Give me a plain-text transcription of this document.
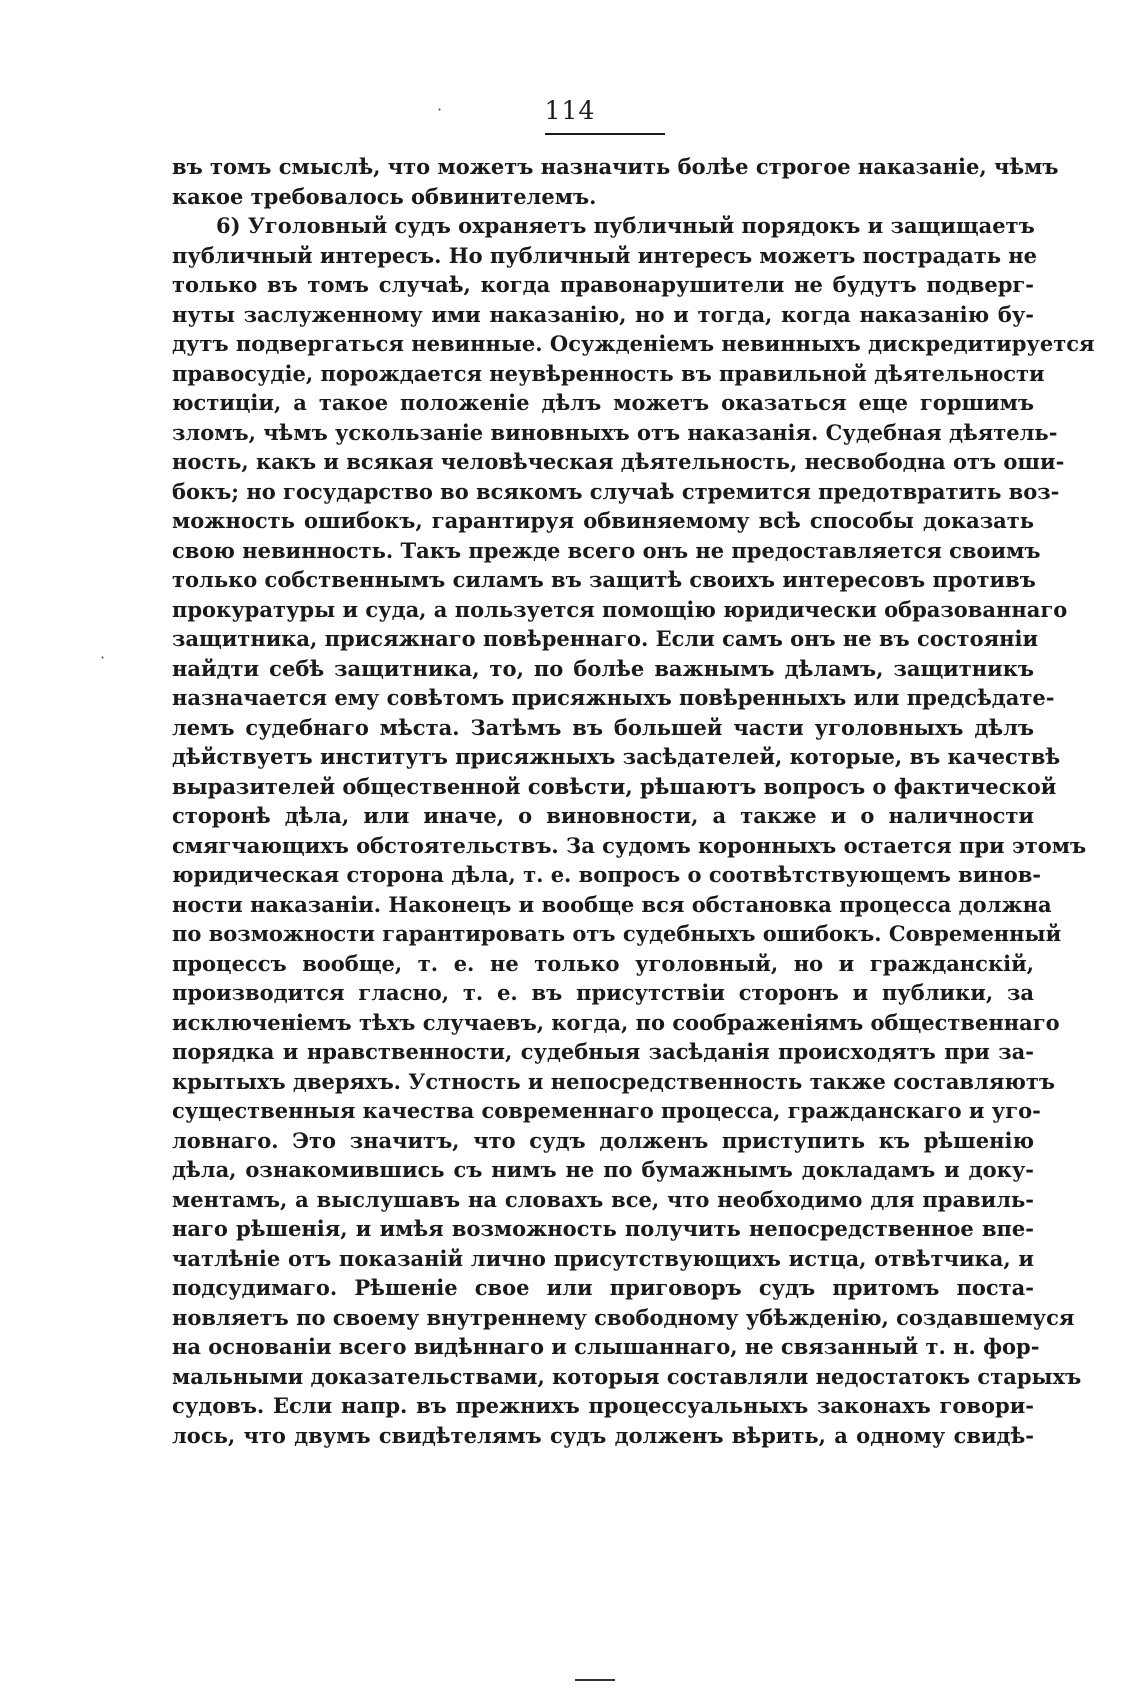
114
въ томъ смыслѣ, что можетъ назначить болѣе строгое наказаніе, чѣмъ
какое требовалось обвинителемъ.
6) Уголовный судъ охраняетъ публичный порядокъ и защищаетъ
публичный интересъ. Но публичный интересъ можетъ пострадать не
только въ томъ случаѣ, когда правонарушители не будутъ подверг-
нуты заслуженному ими наказанію, но и тогда, когда наказанію бу-
дутъ подвергаться невинные. Осужденіемъ невинныхъ дискредитируется
правосудіе, порождается неувѣренность въ правильной дѣятельности
юстиціи, а такое положеніе дѣлъ можетъ оказаться еще горшимъ
зломъ, чѣмъ ускользаніе виновныхъ отъ наказанія. Судебная дѣятель-
ность, какъ и всякая человѣческая дѣятельность, несвободна отъ оши-
бокъ; но государство во всякомъ случаѣ стремится предотвратить воз-
можность ошибокъ, гарантируя обвиняемому всѣ способы доказать
свою невинность. Такъ прежде всего онъ не предоставляется своимъ
только собственнымъ силамъ въ защитѣ своихъ интересовъ противъ
прокуратуры и суда, а пользуется помощію юридически образованнаго
защитника, присяжнаго повѣреннаго. Если самъ онъ не въ состояніи
найдти себѣ защитника, то, по болѣе важнымъ дѣламъ, защитникъ
назначается ему совѣтомъ присяжныхъ повѣренныхъ или предсѣдате-
лемъ судебнаго мѣста. Затѣмъ въ большей части уголовныхъ дѣлъ
дѣйствуетъ институтъ присяжныхъ засѣдателей, которые, въ качествѣ
выразителей общественной совѣсти, рѣшаютъ вопросъ о фактической
сторонѣ дѣла, или иначе, о виновности, а также и о наличности
смягчающихъ обстоятельствъ. За судомъ коронныхъ остается при этомъ
юридическая сторона дѣла, т. е. вопросъ о соотвѣтствующемъ винов-
ности наказаніи. Наконецъ и вообще вся обстановка процесса должна
по возможности гарантировать отъ судебныхъ ошибокъ. Современный
процессъ вообще, т. е. не только уголовный, но и гражданскій,
производится гласно, т. е. въ присутствіи сторонъ и публики, за
исключеніемъ тѣхъ случаевъ, когда, по соображеніямъ общественнаго
порядка и нравственности, судебныя засѣданія происходятъ при за-
крытыхъ дверяхъ. Устность и непосредственность также составляютъ
существенныя качества современнаго процесса, гражданскаго и уго-
ловнаго. Это значитъ, что судъ долженъ приступить къ рѣшенію
дѣла, ознакомившись съ нимъ не по бумажнымъ докладамъ и доку-
ментамъ, а выслушавъ на словахъ все, что необходимо для правиль-
наго рѣшенія, и имѣя возможность получить непосредственное впе-
чатлѣніе отъ показаній лично присутствующихъ истца, отвѣтчика, и
подсудимаго. Рѣшеніе свое или приговоръ судъ притомъ поста-
новляетъ по своему внутреннему свободному убѣжденію, создавшемуся
на основаніи всего видѣннаго и слышаннаго, не связанный т. н. фор-
мальными доказательствами, которыя составляли недостатокъ старыхъ
судовъ. Если напр. въ прежнихъ процессуальныхъ законахъ говори-
лось, что двумъ свидѣтелямъ судъ долженъ вѣрить, а одному свидѣ-
·
·
